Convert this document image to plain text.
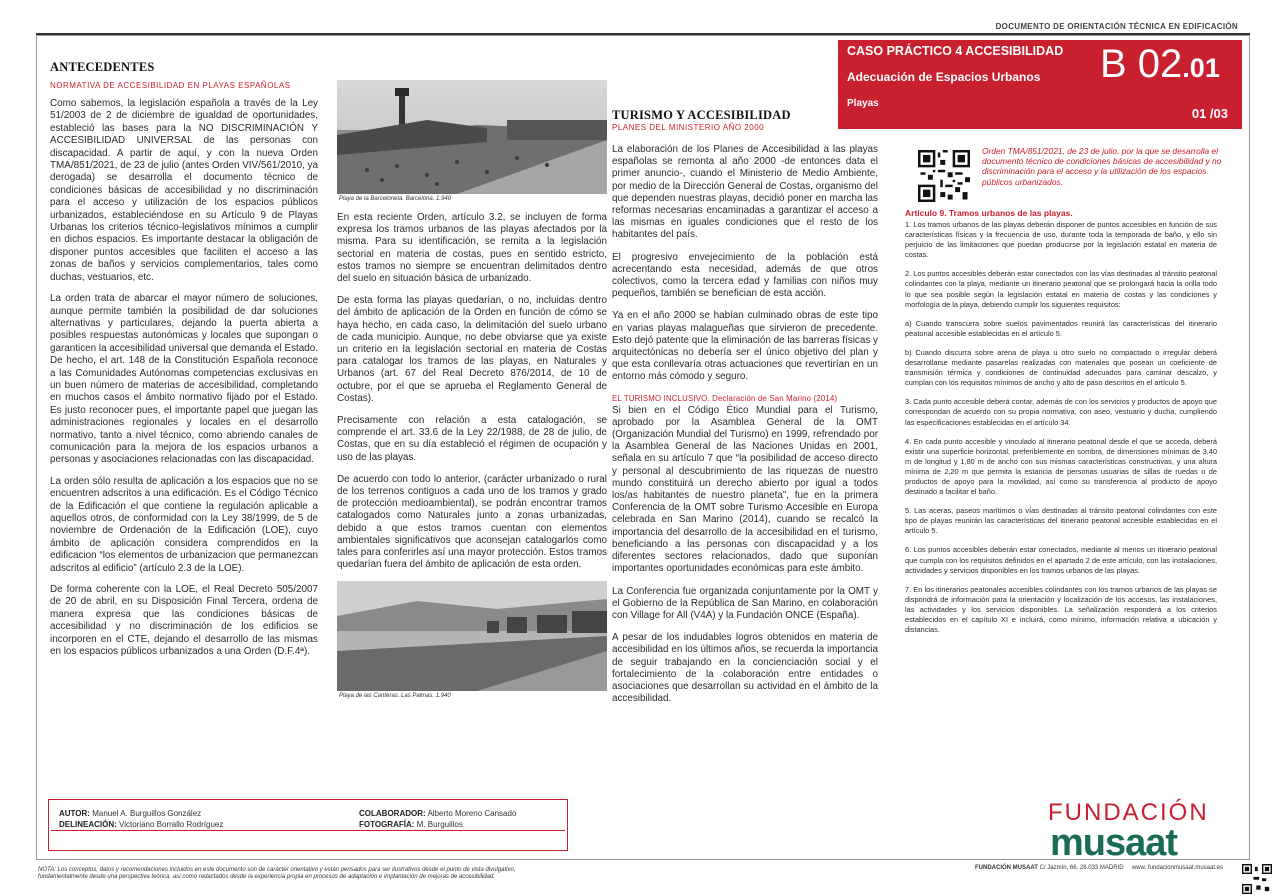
DOCUMENTO DE ORIENTACIÓN TÉCNICA EN EDIFICACIÓN
CASO PRÁCTICO 4 ACCESIBILIDAD
Adecuación de Espacios Urbanos
Playas
B 02.01
01 /03
ANTECEDENTES
NORMATIVA DE ACCESIBILIDAD EN PLAYAS ESPAÑOLAS

Como sabemos, la legislación española a través de la Ley 51/2003 de 2 de diciembre de igualdad de oportunidades, estableció las bases para la NO DISCRIMINACIÓN Y ACCESIBILIDAD UNIVERSAL de las personas con discapacidad. A partir de aquí, y con la nueva Orden TMA/851/2021, de 23 de julio (antes Orden VIV/561/2010, ya derogada) se desarrolla el documento técnico de condiciones básicas de accesibilidad y no discriminación para el acceso y utilización de los espacios públicos urbanizados, estableciéndose en su Artículo 9 de Playas Urbanas los criterios técnico-legislativos mínimos a cumplir en dichos espacios. Es importante destacar la obligación de disponer puntos accesibles que faciliten el acceso a las zonas de baños y servicios complementarios, tales como duchas, vestuarios, etc.

La orden trata de abarcar el mayor número de soluciones, aunque permite también la posibilidad de dar soluciones alternativas y particulares, dejando la puerta abierta a posibles respuestas autonómicas y locales que supongan o garanticen la accesibilidad universal que demanda el Estado. De hecho, el art. 148 de la Constitución Española reconoce a las Comunidades Autónomas competencias exclusivas en un buen número de materias de accesibilidad, completando en muchos casos el ámbito normativo fijado por el Estado. Es justo reconocer pues, el importante papel que juegan las administraciones regionales y locales en el desarrollo normativo, tanto a nivel técnico, como abriendo canales de comunicación para la mejora de los espacios urbanos a personas y asociaciones relacionadas con las discapacidad.

La orden sólo resulta de aplicación a los espacios que no se encuentren adscritos a una edificación. Es el Código Técnico de la Edificación el que contiene la regulación aplicable a aquellos otros, de conformidad con la Ley 38/1999, de 5 de noviembre de Ordenación de la Edificación (LOE), cuyo ámbito de aplicación considera comprendidos en la edificacion “los elementos de urbanizacion que permanezcan adscritos al edificio” (artículo 2.3 de la LOE).

De forma coherente con la LOE, el Real Decreto 505/2007 de 20 de abril, en su Disposición Final Tercera, ordena de manera expresa que las condiciones básicas de accesibilidad y no discriminación de los edificios se incorporen en el CTE, dejando el desarrollo de las mismas en los espacios públicos urbanizados a una Orden (D.F.4ª).

Playa de la Barceloneta. Barcelona. 1.940

En esta reciente Orden, artículo 3.2, se incluyen de forma expresa los tramos urbanos de las playas afectados por la misma. Para su identificación, se remita a la legislación sectorial en materia de costas, pues en sentido estricto, estos tramos no siempre se encuentran delimitados dentro del suelo en situación básica de urbanizado.

De esta forma las playas quedarían, o no, incluidas dentro del ámbito de aplicación de la Orden en función de cómo se haya hecho, en cada caso, la delimitación del suelo urbano de cada municipio. Aunque, no debe obviarse que ya existe un criterio en la legislación sectorial en materia de Costas para catalogar los tramos de las playas, en Naturales y Urbanos (art. 67 del Real Decreto 876/2014, de 10 de octubre, por el que se aprueba el Reglamento General de Costas).

Precisamente con relación a esta catalogación, se comprende el art. 33.6 de la Ley 22/1988, de 28 de julio, de Costas, que en su día estableció el régimen de ocupación y uso de las playas.

De acuerdo con todo lo anterior, (carácter urbanizado o rural de los terrenos contiguos a cada uno de los tramos y grado de protección medioambiental), se podrán encontrar tramos catalogados como Naturales junto a zonas urbanizadas, debido a que estos tramos cuentan con elementos ambientales significativos que aconsejan catalogarlos como tales para conferirles así una mayor protección. Estos tramos quedarían fuera del ámbito de aplicación de esta orden.

Playa de las Canteras. Las Palmas. 1.940
TURISMO Y ACCESIBILIDAD
PLANES DEL MINISTERIO AÑO 2000

La elaboración de los Planes de Accesibilidad a las playas españolas se remonta al año 2000 -de entonces data el primer anuncio-, cuando el Ministerio de Medio Ambiente, por medio de la Dirección General de Costas, organismo del que dependen nuestras playas, decidió poner en marcha las reformas necesarias encaminadas a garantizar el acceso a las mismas en iguales condiciones que el resto de los habitantes del país.

El progresivo envejecimiento de la población está acrecentando esta necesidad, además de que otros colectivos, como la tercera edad y familias con niños muy pequeños, también se benefician de esta acción.

Ya en el año 2000 se habían culminado obras de este tipo en varias playas malagueñas que sirvieron de precedente. Esto dejó patente que la eliminación de las barreras físicas y arquitectónicas no debería ser el único objetivo del plan y que esta conllevaría otras actuaciones que revertirían en un entorno más cómodo y seguro.

EL TURISMO INCLUSIVO. Declaración de San Marino (2014)

Si bien en el Código Ético Mundial para el Turismo, aprobado por la Asamblea General de la OMT (Organización Mundial del Turismo) en 1999, refrendado por la Asamblea General de las Naciones Unidas en 2001, señala en su artículo 7 que “la posibilidad de acceso directo y personal al descubrimiento de las riquezas de nuestro mundo constituirá un derecho abierto por igual a todos los/as habitantes de nuestro planeta”, fue en la primera Conferencia de la OMT sobre Turismo Accesible en Europa celebrada en San Marino (2014), cuando se recalcó la importancia del desarrollo de la accesibilidad en el turismo, beneficiando a las personas con discapacidad y a los diferentes sectores relacionados, dado que suponían importantes oportunidades económicas para este ámbito.

La Conferencia fue organizada conjuntamente por la OMT y el Gobierno de la República de San Marino, en colaboración con Village for All (V4A) y la Fundación ONCE (España).

A pesar de los indudables logros obtenidos en materia de accesibilidad en los últimos años, se recuerda la importancia de seguir trabajando en la concienciación social y el fortalecimiento de la colaboración entre entidades o asociaciones que desarrollan su actividad en el ámbito de la accesibilidad.

Orden TMA/851/2021, de 23 de julio, por la que se desarrolla el documento técnico de condiciones básicas de accesibilidad y no discriminación para el acceso y la utilización de los espacios públicos urbanizados.
Artículo 9. Tramos urbanos de las playas.

1. Los tramos urbanos de las playas deberán disponer de puntos accesibles en función de sus características físicas y la frecuencia de uso, durante toda la temporada de baño, y ello sin perjuicio de las limitaciones que puedan producirse por la legislación estatal en materia de costas.

2. Los puntos accesibles deberán estar conectados con las vías destinadas al tránsito peatonal colindantes con la playa, mediante un itinerario peatonal que se prolongará hacia la orilla todo lo que sea posible según la legislación estatal en materia de costas y las condiciones y morfología de la playa, debiendo cumplir los siguientes requisitos:

a) Cuando transcurra sobre suelos pavimentados reunirá las características del itinerario peatonal accesible establecidas en el artículo 5.

b) Cuando discurra sobre arena de playa u otro suelo no compactado o irregular deberá desarrollarse mediante pasarelas realizadas con materiales que posean un coeficiente de transmisión térmica y condiciones de continuidad adecuados para caminar descalzo, y cumplan con los requisitos mínimos de ancho y alto de paso descritos en el artículo 5.

3. Cada punto accesible deberá contar, además de con los servicios y productos de apoyo que correspondan de acuerdo con su propia normativa, con aseo, vestuario y ducha, cumpliendo las especificaciones establecidas en el artículo 34.

4. En cada punto accesible y vinculado al itinerario peatonal desde el que se acceda, deberá existir una superficie horizontal, preferiblemente en sombra, de dimensiones mínimas de 3,40 m de longitud y 1,80 m de ancho con sus mismas características constructivas, y una altura mínima de 2,20 m que permita la estancia de personas usuarias de sillas de ruedas o de productos de apoyo para la movilidad, así como su transferencia al producto de apoyo destinado a facilitar el baño.

5. Las aceras, paseos marítimos o vías destinadas al tránsito peatonal colindantes con este tipo de playas reunirán las características del itinerario peatonal accesible establecidas en el artículo 5.

6. Los puntos accesibles deberán estar conectados, mediante al menos un itinerario peatonal que cumpla con los requisitos definidos en el apartado 2 de este artículo, con las instalaciones, actividades y servicios disponibles en los tramos urbanos de las playas.

7. En los itinerarios peatonales accesibles colindantes con los tramos urbanos de las playas se dispondrá de información para la orientación y localización de los accesos, las instalaciones, las actividades y los servicios disponibles. La señalización responderá a los criterios establecidos en el capítulo XI e incluirá, como mínimo, información relativa a ubicación y distancias.

AUTOR: Manuel A. Burguillos González
DELINEACIÓN: Victoriano Borrallo Rodríguez
COLABORADOR: Alberto Moreno Cansado
FOTOGRAFÍA: M. Burguillos	FUNDACIÓN
musaat
NOTA: Los conceptos, datos y recomendaciones incluidos en este documento son de carácter orientativo y están pensados para ser ilustrativos desde el punto de vista divulgativo, fundamentalmente desde una perspectiva teórica, así como redactados desde la experiencia propia en procesos de adaptación e implantación de mejoras de accesibilidad.
FUNDACIÓN MUSAAT C/ Jazmín, 66. 28.033 MADRID www. fundacionmusaat.musaat.es
